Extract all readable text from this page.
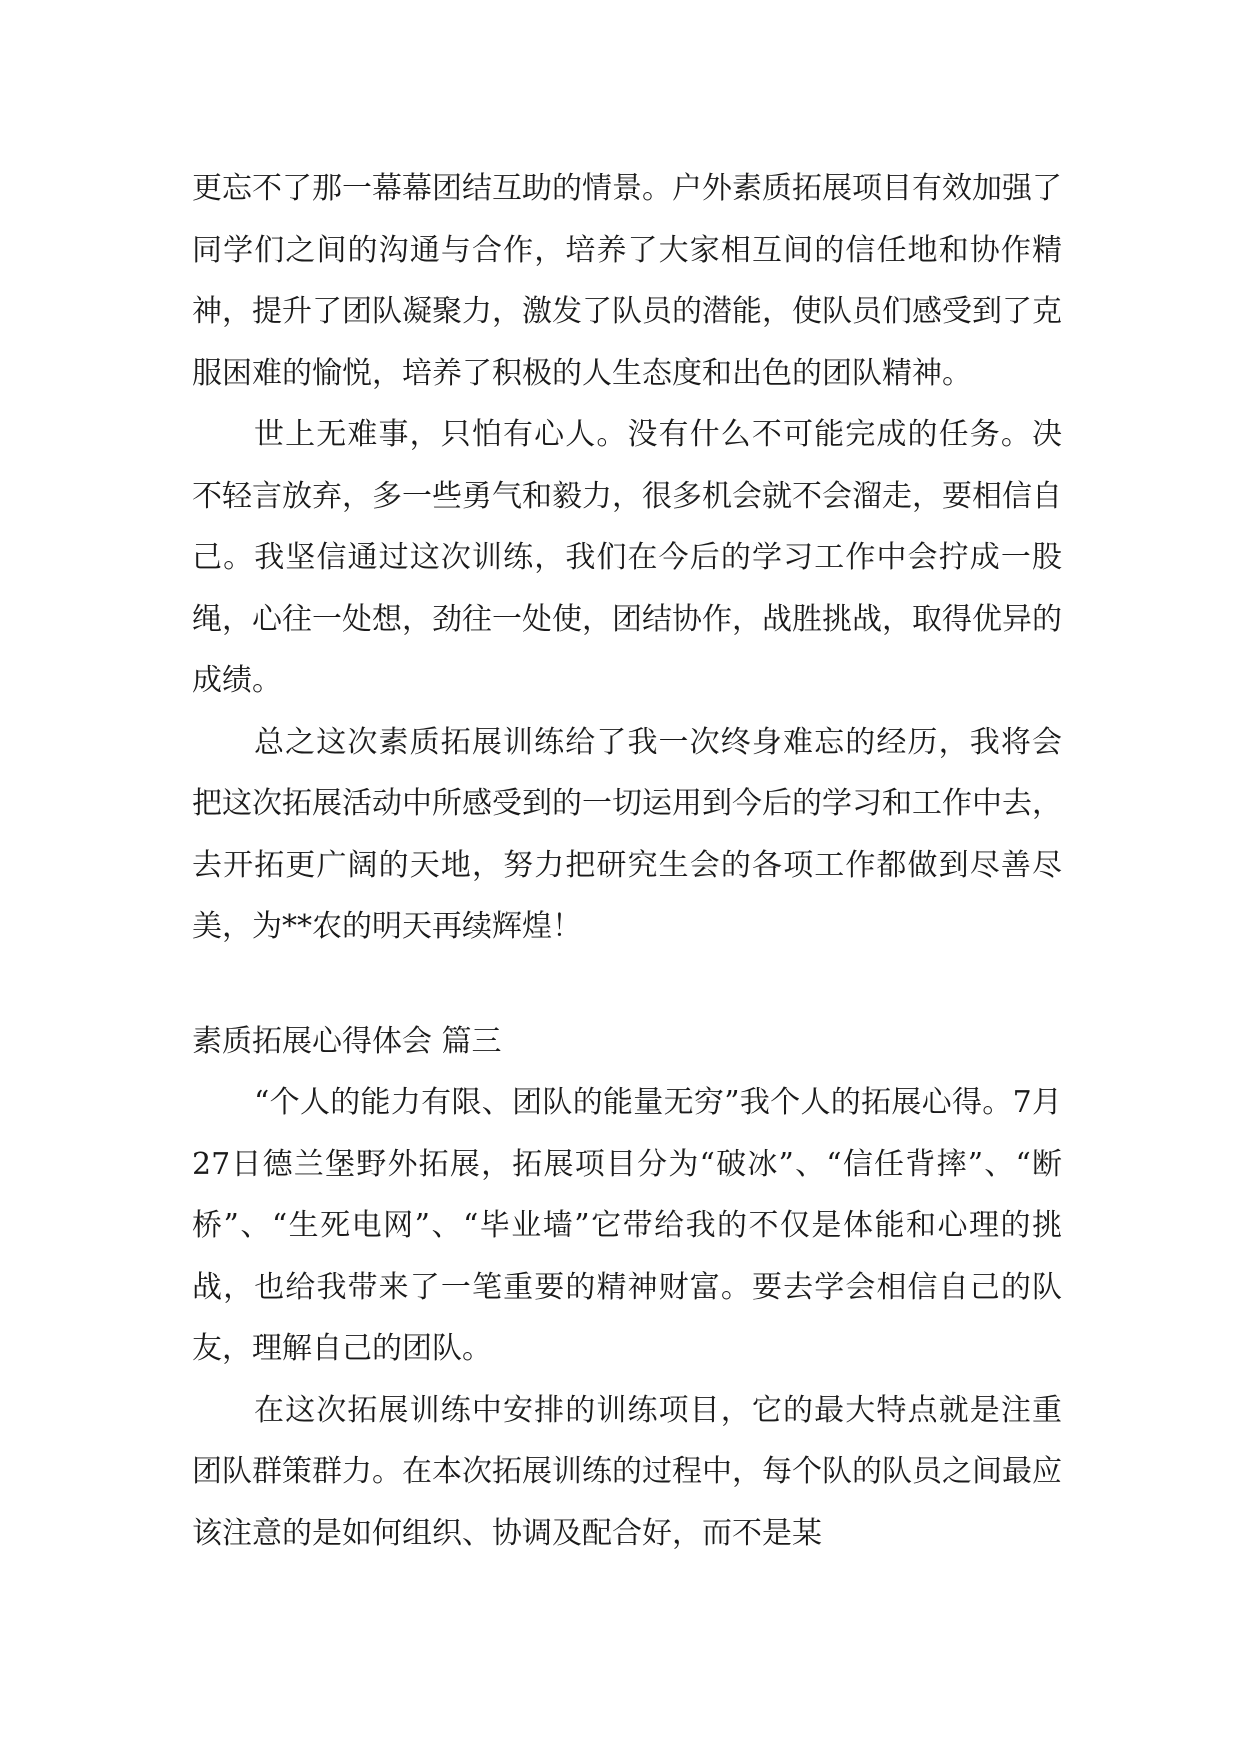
更忘不了那一幕幕团结互助的情景。户外素质拓展项目有效加强了同学们之间的沟通与合作，培养了大家相互间的信任地和协作精神，提升了团队凝聚力，激发了队员的潜能，使队员们感受到了克服困难的愉悦，培养了积极的人生态度和出色的团队精神。

世上无难事，只怕有心人。没有什么不可能完成的任务。决不轻言放弃，多一些勇气和毅力，很多机会就不会溜走，要相信自己。我坚信通过这次训练，我们在今后的学习工作中会拧成一股绳，心往一处想，劲往一处使，团结协作，战胜挑战，取得优异的成绩。

总之这次素质拓展训练给了我一次终身难忘的经历，我将会把这次拓展活动中所感受到的一切运用到今后的学习和工作中去，去开拓更广阔的天地，努力把研究生会的各项工作都做到尽善尽美，为**农的明天再续辉煌！

素质拓展心得体会 篇三

“个人的能力有限、团队的能量无穷”我个人的拓展心得。7月27日德兰堡野外拓展，拓展项目分为“破冰”、“信任背摔”、“断桥”、“生死电网”、“毕业墙”它带给我的不仅是体能和心理的挑战，也给我带来了一笔重要的精神财富。要去学会相信自己的队友，理解自己的团队。

在这次拓展训练中安排的训练项目，它的最大特点就是注重团队群策群力。在本次拓展训练的过程中，每个队的队员之间最应该注意的是如何组织、协调及配合好，而不是某
